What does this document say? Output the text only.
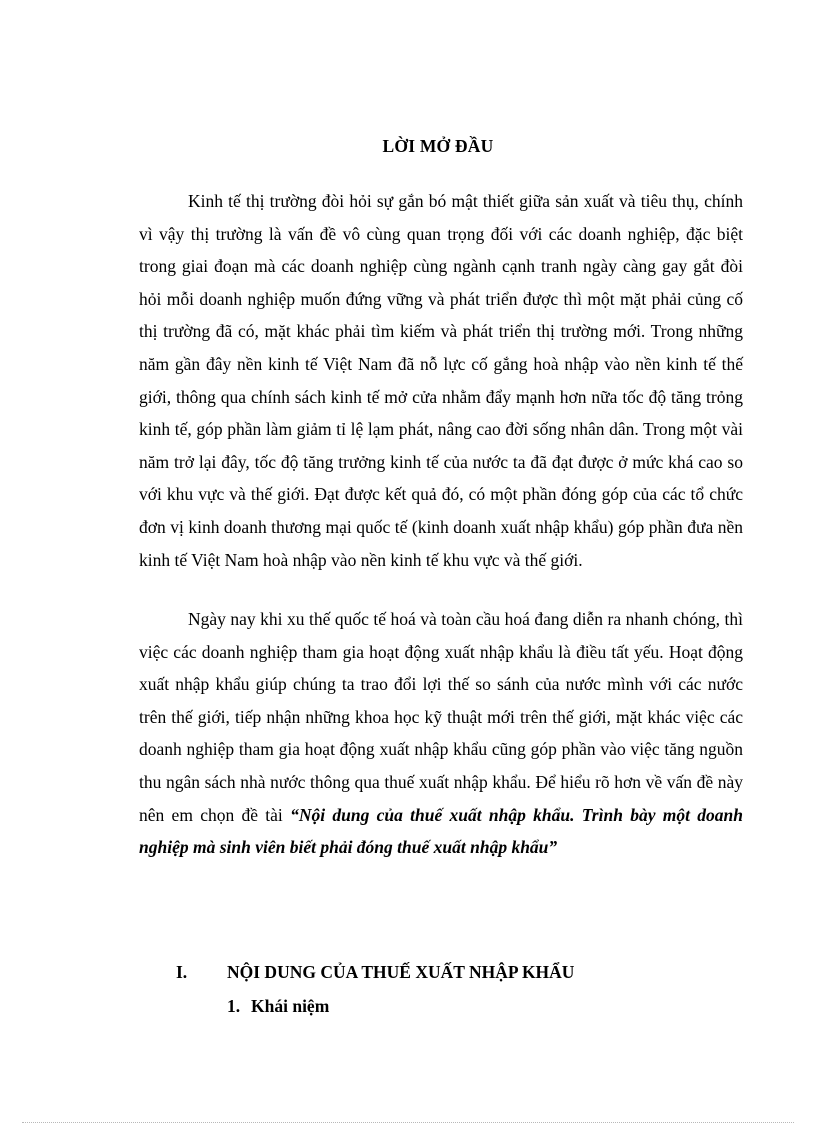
LỜI MỞ ĐẦU

Kinh tế thị trường đòi hỏi sự gắn bó mật thiết giữa sản xuất và tiêu thụ, chính vì vậy thị trường là vấn đề vô cùng quan trọng đối với các doanh nghiệp, đặc biệt trong giai đoạn mà các doanh nghiệp cùng ngành cạnh tranh ngày càng gay gắt đòi hỏi mỗi doanh nghiệp muốn đứng vững và phát triển được thì một mặt phải củng cố thị trường đã có, mặt khác phải tìm kiếm và phát triển thị trường mới. Trong những năm gần đây nền kinh tế Việt Nam đã nỗ lực cố gắng hoà nhập vào nền kinh tế thế giới, thông qua chính sách kinh tế mở cửa nhằm đẩy mạnh hơn nữa tốc độ tăng trỏng kinh tế, góp phần làm giảm tỉ lệ lạm phát, nâng cao đời sống nhân dân. Trong một vài năm trở lại đây, tốc độ tăng trưởng kinh tế của nước ta đã đạt được ở mức khá cao so với khu vực và thế giới. Đạt được kết quả đó, có một phần đóng góp của các tổ chức đơn vị kinh doanh thương mại quốc tế (kinh doanh xuất nhập khẩu) góp phần đưa nền kinh tế Việt Nam hoà nhập vào nền kinh tế khu vực và thế giới.

Ngày nay khi xu thế quốc tế hoá và toàn cầu hoá đang diễn ra nhanh chóng, thì việc các doanh nghiệp tham gia hoạt động xuất nhập khẩu là điều tất yếu. Hoạt động xuất nhập khẩu giúp chúng ta trao đổi lợi thế so sánh của nước mình với các nước trên thế giới, tiếp nhận những khoa học kỹ thuật mới trên thế giới, mặt khác việc các doanh nghiệp tham gia hoạt động xuất nhập khẩu cũng góp phần vào việc tăng nguồn thu ngân sách nhà nước thông qua thuế xuất nhập khẩu. Để hiểu rõ hơn về vấn đề này nên em chọn đề tài “Nội dung của thuế xuất nhập khẩu. Trình bày một doanh nghiệp mà sinh viên biết phải đóng thuế xuất nhập khẩu”

I. NỘI DUNG CỦA THUẾ XUẤT NHẬP KHẨU
1. Khái niệm
